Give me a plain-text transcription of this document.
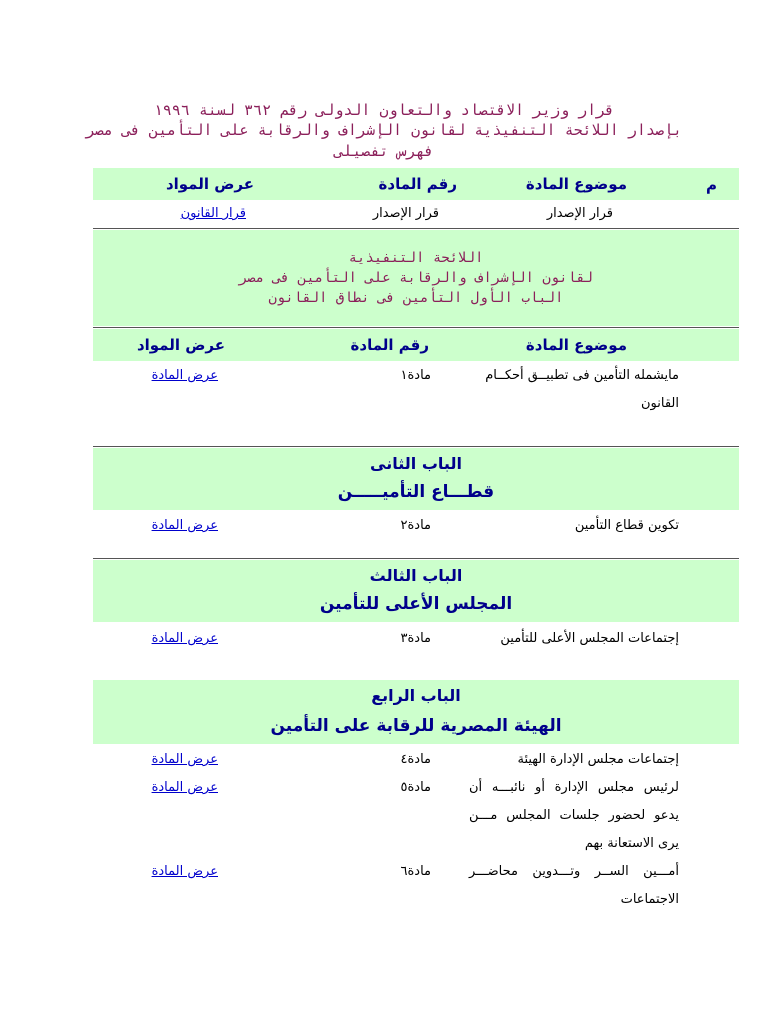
قرار وزير الاقتصاد والتعاون الدولى رقم ٣٦٢ لسنة ١٩٩٦
بإصدار اللائحة التنفيذية لقانون الإشراف والرقابة على التأمين فى مصر
فهرس تفصيلى
م
موضوع المادة
رقم المادة
عرض المواد
قرار الإصدار
قرار الإصدار
قرار القانون
اللائحة التنفيذية
لقانون الإشراف والرقابة على التأمين فى مصر
الباب الأول التأمين فى نطاق القانون
موضوع المادة
رقم المادة
عرض المواد
مايشمله التأمين فى تطبيــق أحكــام القانون
مادة١
عرض المادة
الباب الثانى
قطـــاع التأميـــــن
تكوين قطاع التأمين
مادة٢
عرض المادة
الباب الثالث
المجلس الأعلى للتأمين
إجتماعات المجلس الأعلى للتأمين
مادة٣
عرض المادة
الباب الرابع
الهيئة المصرية للرقابة على التأمين
إجتماعات مجلس الإدارة الهيئة
مادة٤
عرض المادة
لرئيس مجلس الإدارة أو نائبـــه أن يدعو لحضور جلسات المجلس مـــن يرى الاستعانة بهم
مادة٥
عرض المادة
أمـــين الســر وتـــدوين محاضـــر الاجتماعات
مادة٦
عرض المادة
